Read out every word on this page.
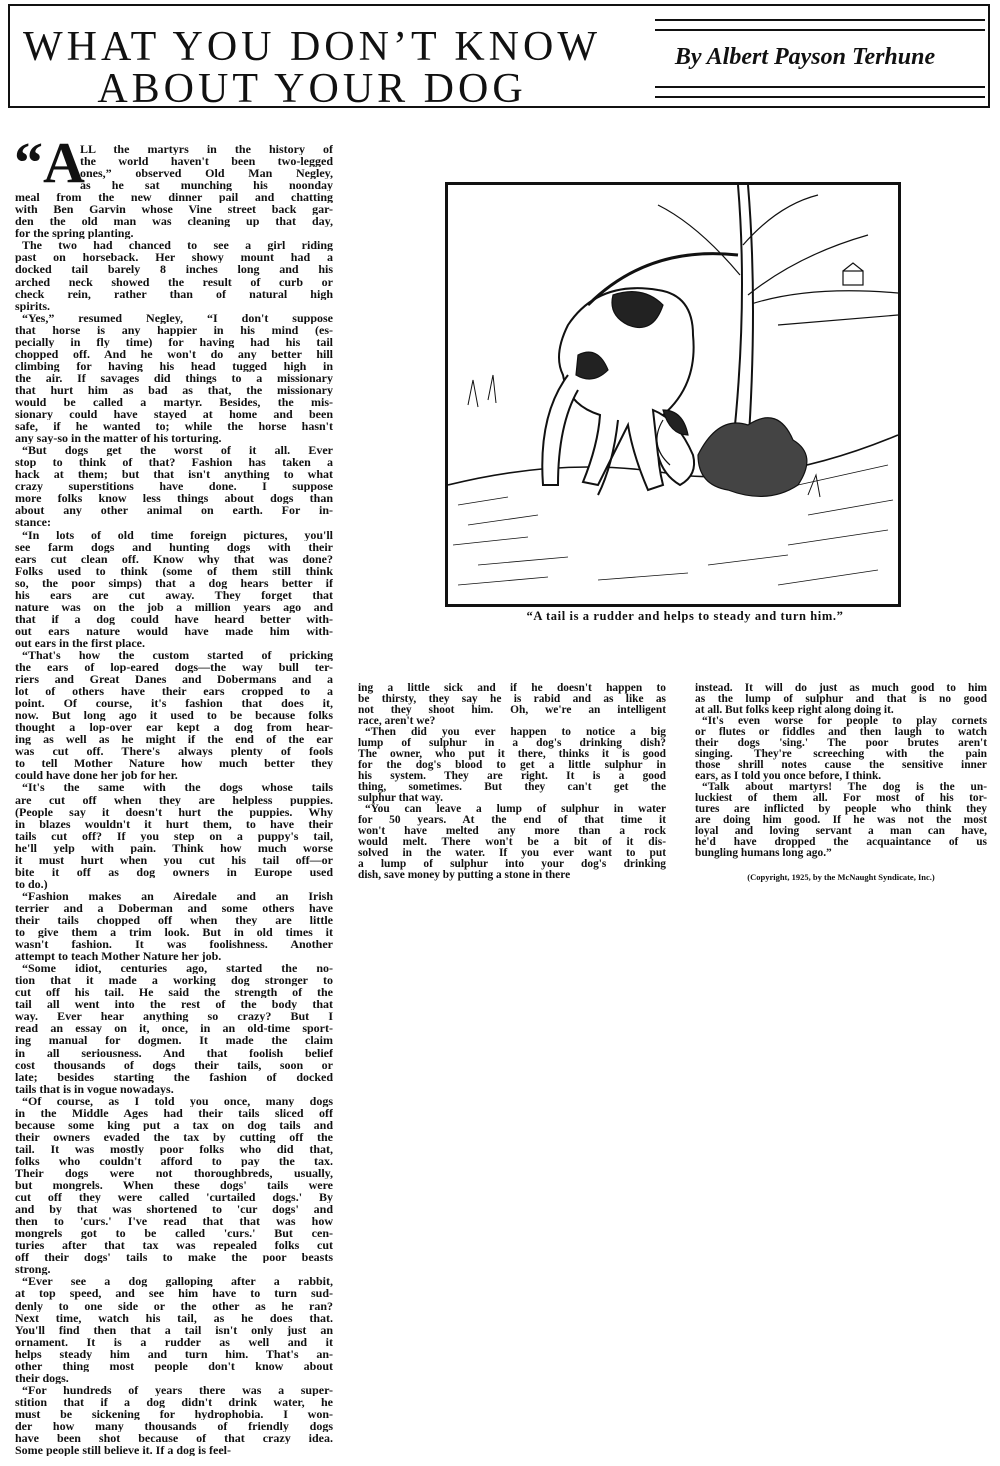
WHAT YOU DON’T KNOW
ABOUT YOUR DOG
By Albert Payson Terhune
“A
LL the martyrs in the history of
the world haven't been two-legged
ones,” observed Old Man Negley,
as he sat munching his noonday
meal from the new dinner pail and chatting
with Ben Garvin whose Vine street back gar-
den the old man was cleaning up that day,
for the spring planting.
The two had chanced to see a girl riding
past on horseback. Her showy mount had a
docked tail barely 8 inches long and his
arched neck showed the result of curb or
check rein, rather than of natural high
spirits.
“Yes,” resumed Negley, “I don't suppose
that horse is any happier in his mind (es-
pecially in fly time) for having had his tail
chopped off. And he won't do any better hill
climbing for having his head tugged high in
the air. If savages did things to a missionary
that hurt him as bad as that, the missionary
would be called a martyr. Besides, the mis-
sionary could have stayed at home and been
safe, if he wanted to; while the horse hasn't
any say-so in the matter of his torturing.
“But dogs get the worst of it all. Ever
stop to think of that? Fashion has taken a
hack at them; but that isn't anything to what
crazy superstitions have done. I suppose
more folks know less things about dogs than
about any other animal on earth. For in-
stance:
“In lots of old time foreign pictures, you'll
see farm dogs and hunting dogs with their
ears cut clean off. Know why that was done?
Folks used to think (some of them still think
so, the poor simps) that a dog hears better if
his ears are cut away. They forget that
nature was on the job a million years ago and
that if a dog could have heard better with-
out ears nature would have made him with-
out ears in the first place.
“That's how the custom started of pricking
the ears of lop-eared dogs—the way bull ter-
riers and Great Danes and Dobermans and a
lot of others have their ears cropped to a
point. Of course, it's fashion that does it,
now. But long ago it used to be because folks
thought a lop-over ear kept a dog from hear-
ing as well as he might if the end of the ear
was cut off. There's always plenty of fools
to tell Mother Nature how much better they
could have done her job for her.
“It's the same with the dogs whose tails
are cut off when they are helpless puppies.
(People say it doesn't hurt the puppies. Why
in blazes wouldn't it hurt them, to have their
tails cut off? If you step on a puppy's tail,
he'll yelp with pain. Think how much worse
it must hurt when you cut his tail off—or
bite it off as dog owners in Europe used
to do.)
“Fashion makes an Airedale and an Irish
terrier and a Doberman and some others have
their tails chopped off when they are little
to give them a trim look. But in old times it
wasn't fashion. It was foolishness. Another
attempt to teach Mother Nature her job.
“Some idiot, centuries ago, started the no-
tion that it made a working dog stronger to
cut off his tail. He said the strength of the
tail all went into the rest of the body that
way. Ever hear anything so crazy? But I
read an essay on it, once, in an old-time sport-
ing manual for dogmen. It made the claim
in all seriousness. And that foolish belief
cost thousands of dogs their tails, soon or
late; besides starting the fashion of docked
tails that is in vogue nowadays.
“Of course, as I told you once, many dogs
in the Middle Ages had their tails sliced off
because some king put a tax on dog tails and
their owners evaded the tax by cutting off the
tail. It was mostly poor folks who did that,
folks who couldn't afford to pay the tax.
Their dogs were not thoroughbreds, usually,
but mongrels. When these dogs' tails were
cut off they were called 'curtailed dogs.' By
and by that was shortened to 'cur dogs' and
then to 'curs.' I've read that that was how
mongrels got to be called 'curs.' But cen-
turies after that tax was repealed folks cut
off their dogs' tails to make the poor beasts
strong.
“Ever see a dog galloping after a rabbit,
at top speed, and see him have to turn sud-
denly to one side or the other as he ran?
Next time, watch his tail, as he does that.
You'll find then that a tail isn't only just an
ornament. It is a rudder as well and it
helps steady him and turn him. That's an-
other thing most people don't know about
their dogs.
“For hundreds of years there was a super-
stition that if a dog didn't drink water, he
must be sickening for hydrophobia. I won-
der how many thousands of friendly dogs
have been shot because of that crazy idea.
Some people still believe it. If a dog is feel-
ing a little sick and if he doesn't happen to
be thirsty, they say he is rabid and as like as
not they shoot him. Oh, we're an intelligent
race, aren't we?
“Then did you ever happen to notice a big
lump of sulphur in a dog's drinking dish?
The owner, who put it there, thinks it is good
for the dog's blood to get a little sulphur in
his system. They are right. It is a good
thing, sometimes. But they can't get the
sulphur that way.
“You can leave a lump of sulphur in water
for 50 years. At the end of that time it
won't have melted any more than a rock
would melt. There won't be a bit of it dis-
solved in the water. If you ever want to put
a lump of sulphur into your dog's drinking
dish, save money by putting a stone in there
instead. It will do just as much good to him
as the lump of sulphur and that is no good
at all. But folks keep right along doing it.
“It's even worse for people to play cornets
or flutes or fiddles and then laugh to watch
their dogs 'sing.' The poor brutes aren't
singing. They're screeching with the pain
those shrill notes cause the sensitive inner
ears, as I told you once before, I think.
“Talk about martyrs! The dog is the un-
luckiest of them all. For most of his tor-
tures are inflicted by people who think they
are doing him good. If he was not the most
loyal and loving servant a man can have,
he'd have dropped the acquaintance of us
bungling humans long ago.”
(Copyright, 1925, by the McNaught Syndicate, Inc.)
“A tail is a rudder and helps to steady and turn him.”
